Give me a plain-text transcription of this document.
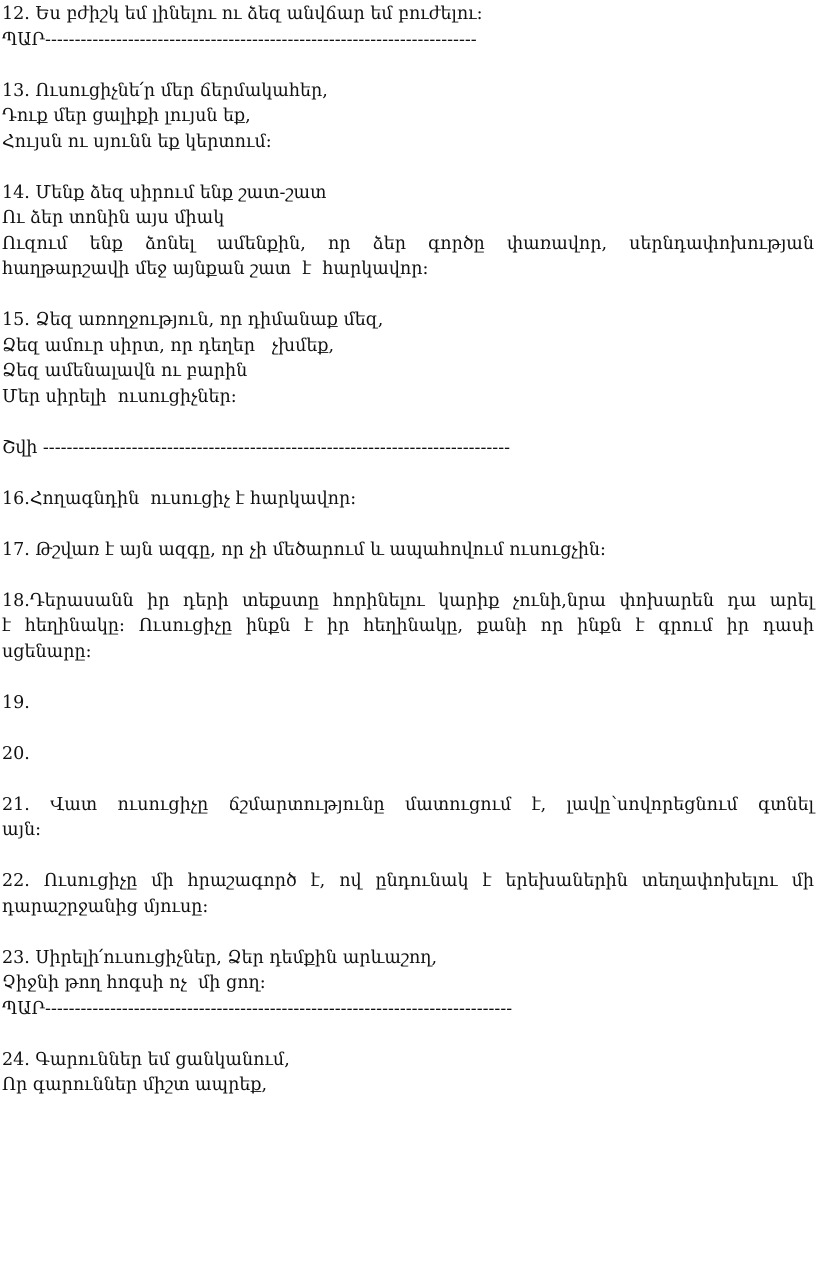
12. Ես բժիշկ եմ լինելու ու ձեզ անվճար եմ բուժելու:
ՊԱՐ-------------------------------------------------------------------------
13. Ուսուցիչնե՛ր մեր ճերմակահեր,
Դուք մեր ցալիքի լույսն եք,
Հույսն ու սյունն եք կերտում:
14. Մենք ձեզ սիրում ենք շատ-շատ
Ու ձեր տոնին այս միակ
Ուզում ենք ձոնել ամենքին, որ ձեր գործը փառավոր, սերնդափոխության
հաղթարշավի մեջ այնքան շատ  է  հարկավոր:
15. Ձեզ առողջություն, որ դիմանաք մեզ,
Ձեզ ամուր սիրտ, որ դեղեր   չխմեք,
Ձեզ ամենալավն ու բարին
Մեր սիրելի  ուսուցիչներ:
Շվի -------------------------------------------------------------------------------
16.Հողագնդին  ուսուցիչ է հարկավոր:
17. Թշվառ է այն ազգը, որ չի մեծարում և ապահովում ուսուցչին:
18.Դերասանն իր դերի տեքստը հորինելու կարիք չունի,նրա փոխարեն դա արել
է հեղինակը: Ուսուցիչը ինքն է իր հեղինակը, քանի որ ինքն է գրում իր դասի
սցենարը:
19.
20.
21. Վատ ուսուցիչը ճշմարտությունը մատուցում է, լավը՝սովորեցնում գտնել
այն:
22. Ուսուցիչը մի հրաշագործ է, ով ընդունակ է երեխաներին տեղափոխելու մի
դարաշրջանից մյուսը:
23. Սիրելի՛ուսուցիչներ, Ձեր դեմքին արևաշող,
Չիջնի թող հոգսի ոչ  մի ցող:
ՊԱՐ-------------------------------------------------------------------------------
24. Գարուններ եմ ցանկանում,
Որ գարուններ միշտ ապրեք,
